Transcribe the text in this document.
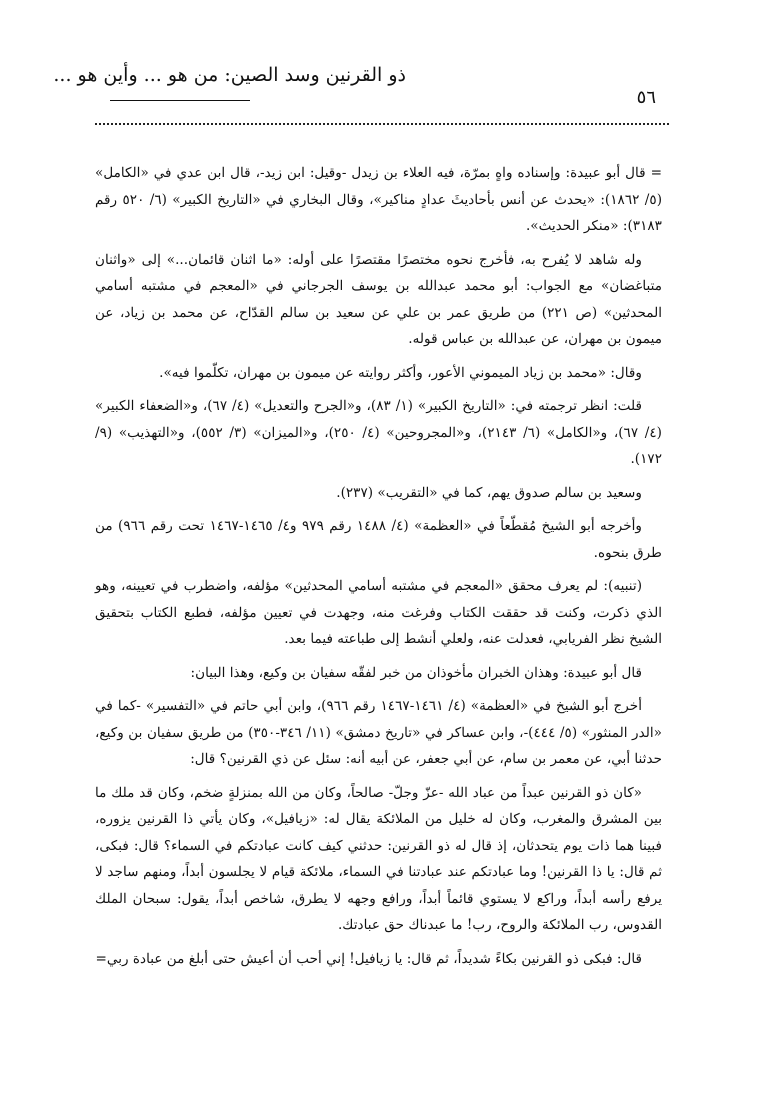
ذو القرنين وسد الصين: من هو ... وأين هو ...
٥٦

= قال أبو عبيدة: وإسناده واهٍ بمرّة، فيه العلاء بن زيدل -وقيل: ابن زيد-، قال ابن عدي في «الكامل» (٥/ ١٨٦٢): «يحدث عن أنس بأحاديثَ عدادٍ مناكير»، وقال البخاري في «التاريخ الكبير» (٦/ ٥٢٠ رقم ٣١٨٣): «منكر الحديث».

وله شاهد لا يُفرح به، فأخرج نحوه مختصرًا مقتصرًا على أوله: «ما اثنان قائمان...» إلى «واثنان متباغضان» مع الجواب: أبو محمد عبدالله بن يوسف الجرجاني في «المعجم في مشتبه أسامي المحدثين» (ص ٢٢١) من طريق عمر بن علي عن سعيد بن سالم القدّاح، عن محمد بن زياد، عن ميمون بن مهران، عن عبدالله بن عباس قوله.

وقال: «محمد بن زياد الميموني الأعور، وأكثر روايته عن ميمون بن مهران، تكلّموا فيه».

قلت: انظر ترجمته في: «التاريخ الكبير» (١/ ٨٣)، و«الجرح والتعديل» (٤/ ٦٧)، و«الضعفاء الكبير» (٤/ ٦٧)، و«الكامل» (٦/ ٢١٤٣)، و«المجروحين» (٤/ ٢٥٠)، و«الميزان» (٣/ ٥٥٢)، و«التهذيب» (٩/ ١٧٢).

وسعيد بن سالم صدوق يهم، كما في «التقريب» (٢٣٧).

وأخرجه أبو الشيخ مُقطّعاً في «العظمة» (٤/ ١٤٨٨ رقم ٩٧٩ و٤/ ١٤٦٥-١٤٦٧ تحت رقم ٩٦٦) من طرق بنحوه.

(تنبيه): لم يعرف محقق «المعجم في مشتبه أسامي المحدثين» مؤلفه، واضطرب في تعيينه، وهو الذي ذكرت، وكنت قد حققت الكتاب وفرغت منه، وجهدت في تعيين مؤلفه، فطبع الكتاب بتحقيق الشيخ نظر الفريابي، فعدلت عنه، ولعلي أنشط إلى طباعته فيما بعد.

قال أبو عبيدة: وهذان الخبران مأخوذان من خبر لفقّه سفيان بن وكيع، وهذا البيان:

أخرج أبو الشيخ في «العظمة» (٤/ ١٤٦١-١٤٦٧ رقم ٩٦٦)، وابن أبي حاتم في «التفسير» -كما في «الدر المنثور» (٥/ ٤٤٤)-، وابن عساكر في «تاريخ دمشق» (١١/ ٣٤٦-٣٥٠) من طريق سفيان بن وكيع، حدثنا أبي، عن معمر بن سام، عن أبي جعفر، عن أبيه أنه: سئل عن ذي القرنين؟ قال:

«كان ذو القرنين عبداً من عباد الله -عزّ وجلّ- صالحاً، وكان من الله بمنزلةٍ ضخم، وكان قد ملك ما بين المشرق والمغرب، وكان له خليل من الملائكة يقال له: «زيافيل»، وكان يأتي ذا القرنين يزوره، فبينا هما ذات يوم يتحدثان، إذ قال له ذو القرنين: حدثني كيف كانت عبادتكم في السماء؟ قال: فبكى، ثم قال: يا ذا القرنين! وما عبادتكم عند عبادتنا في السماء، ملائكة قيام لا يجلسون أبداً، ومنهم ساجد لا يرفع رأسه أبداً، وراكع لا يستوي قائماً أبداً، ورافع وجهه لا يطرق، شاخص أبداً، يقول: سبحان الملك القدوس، رب الملائكة والروح، رب! ما عبدناك حق عبادتك.

قال: فبكى ذو القرنين بكاءً شديداً، ثم قال: يا زيافيل! إني أحب أن أعيش حتى أبلغ من عبادة ربي=
